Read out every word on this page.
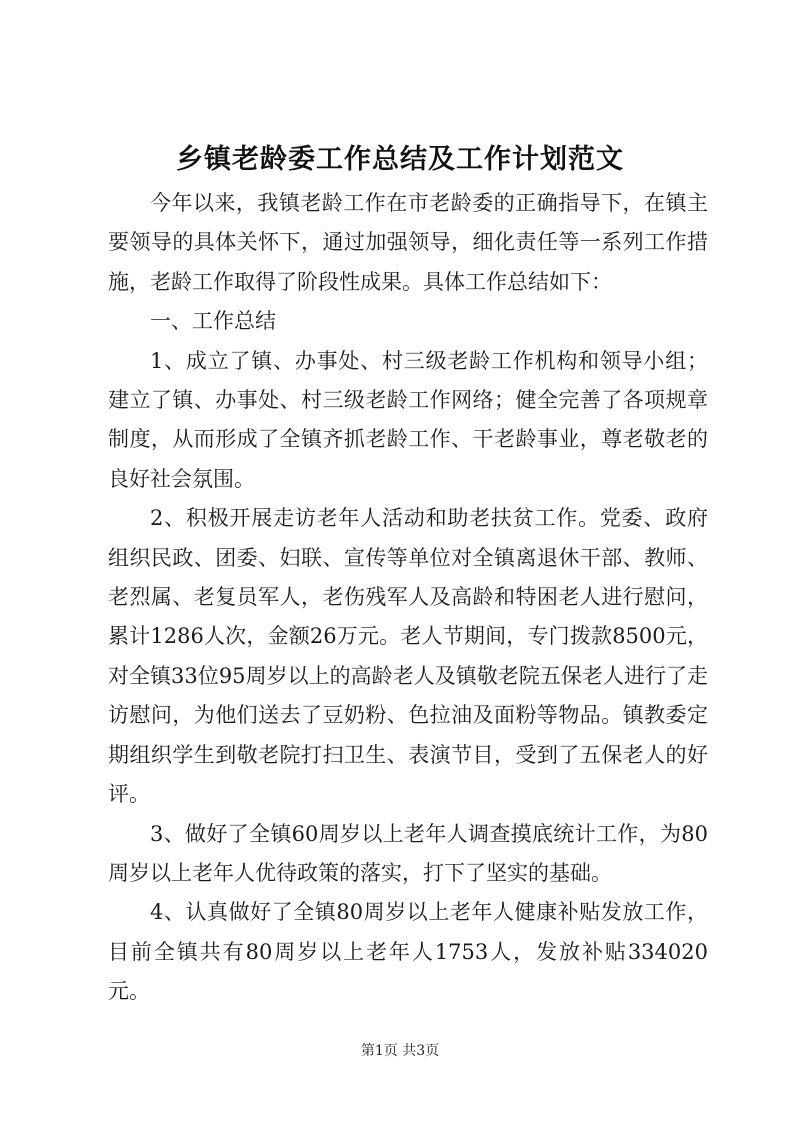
乡镇老龄委工作总结及工作计划范文

今年以来，我镇老龄工作在市老龄委的正确指导下，在镇主要领导的具体关怀下，通过加强领导，细化责任等一系列工作措施，老龄工作取得了阶段性成果。具体工作总结如下：

一、工作总结

1、成立了镇、办事处、村三级老龄工作机构和领导小组；建立了镇、办事处、村三级老龄工作网络；健全完善了各项规章制度，从而形成了全镇齐抓老龄工作、干老龄事业，尊老敬老的良好社会氛围。

2、积极开展走访老年人活动和助老扶贫工作。党委、政府组织民政、团委、妇联、宣传等单位对全镇离退休干部、教师、老烈属、老复员军人，老伤残军人及高龄和特困老人进行慰问，累计1286人次，金额26万元。老人节期间，专门拨款8500元，对全镇33位95周岁以上的高龄老人及镇敬老院五保老人进行了走访慰问，为他们送去了豆奶粉、色拉油及面粉等物品。镇教委定期组织学生到敬老院打扫卫生、表演节目，受到了五保老人的好评。

3、做好了全镇60周岁以上老年人调查摸底统计工作，为80周岁以上老年人优待政策的落实，打下了坚实的基础。

4、认真做好了全镇80周岁以上老年人健康补贴发放工作，目前全镇共有80周岁以上老年人1753人，发放补贴334020元。

第1页 共3页
